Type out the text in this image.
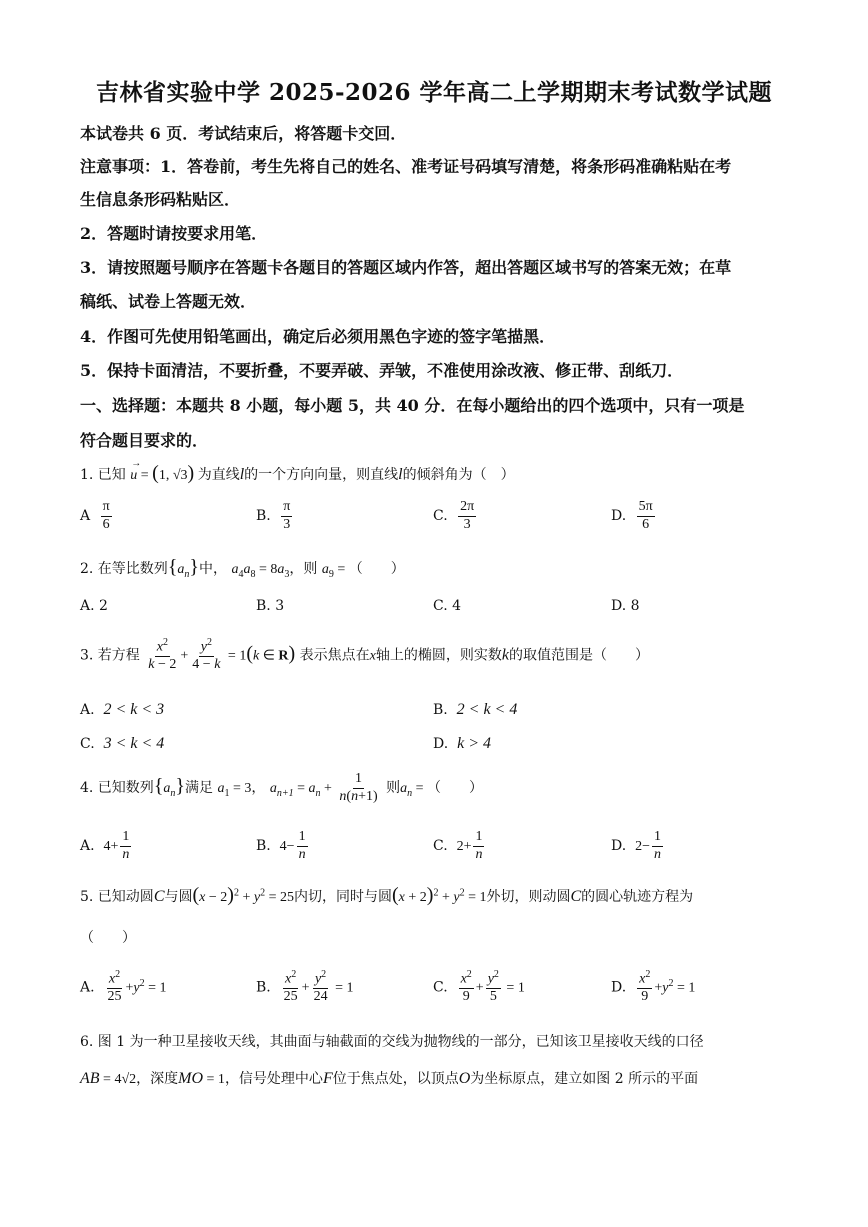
吉林省实验中学 2025-2026 学年高二上学期期末考试数学试题
本试卷共 6 页．考试结束后，将答题卡交回．
注意事项：1．答卷前，考生先将自己的姓名、准考证号码填写清楚，将条形码准确粘贴在考
生信息条形码粘贴区．
2．答题时请按要求用笔．
3．请按照题号顺序在答题卡各题目的答题区域内作答，超出答题区域书写的答案无效；在草
稿纸、试卷上答题无效．
4．作图可先使用铅笔画出，确定后必须用黑色字迹的签字笔描黑．
5．保持卡面清洁，不要折叠，不要弄破、弄皱，不准使用涂改液、修正带、刮纸刀．
一、选择题：本题共 8 小题，每小题 5，共 40 分．在每小题给出的四个选项中，只有一项是
符合题目要求的．
1. 已知 u
→
= (1, √3) 为直线l的一个方向向量，则直线l的倾斜角为（　）
A $\frac{\pi}{6}$	B. $\frac{\pi}{3}$	C. $\frac{2\pi}{3}$	D. $\frac{5\pi}{6}$
2. 在等比数列$\{a_n\}$中， $a_4a_8 = 8a_3$，则 $a_9$ = （　　）
A. 2	B. 3	C. 4	D. 8
3. 若方程 $\frac{x^2}{k - 2} + \frac{y^2}{4 - k} = 1(k$ ∈ R) 表示焦点在x轴上的椭圆，则实数k的取值范围是（　　）
A. 2 < k < 3	B. 2 < k < 4
C. 3 < k < 4	D. k > 4
4. 已知数列$\{a_n\}$满足 $a_1 = 3$， $a_{n+1} = a_n + \frac{1}{n(n+1)}$ 则$a_n$ = （　　）
A. $4+ \frac{1}{n}$	B. $4- \frac{1}{n}$	C. $2+ \frac{1}{n}$	D. $2- \frac{1}{n}$
5. 已知动圆C与圆$(x - 2)^2 + y^2 = 25$内切，同时与圆$(x + 2)^2 + y^2 = 1$外切，则动圆C的圆心轨迹方程为
（　　）
A. $\frac{x^2}{25} +y^2 = 1$	B. $\frac{x^2}{25} + \frac{y^2}{24} = 1$	C. $\frac{x^2}{9} + \frac{y^2}{5} = 1$	D. $\frac{x^2}{9} +y^2 = 1$
6. 图 1 为一种卫星接收天线，其曲面与轴截面的交线为抛物线的一部分，已知该卫星接收天线的口径
AB = 4√2，深度MO = 1，信号处理中心F位于焦点处，以顶点O为坐标原点，建立如图 2 所示的平面
